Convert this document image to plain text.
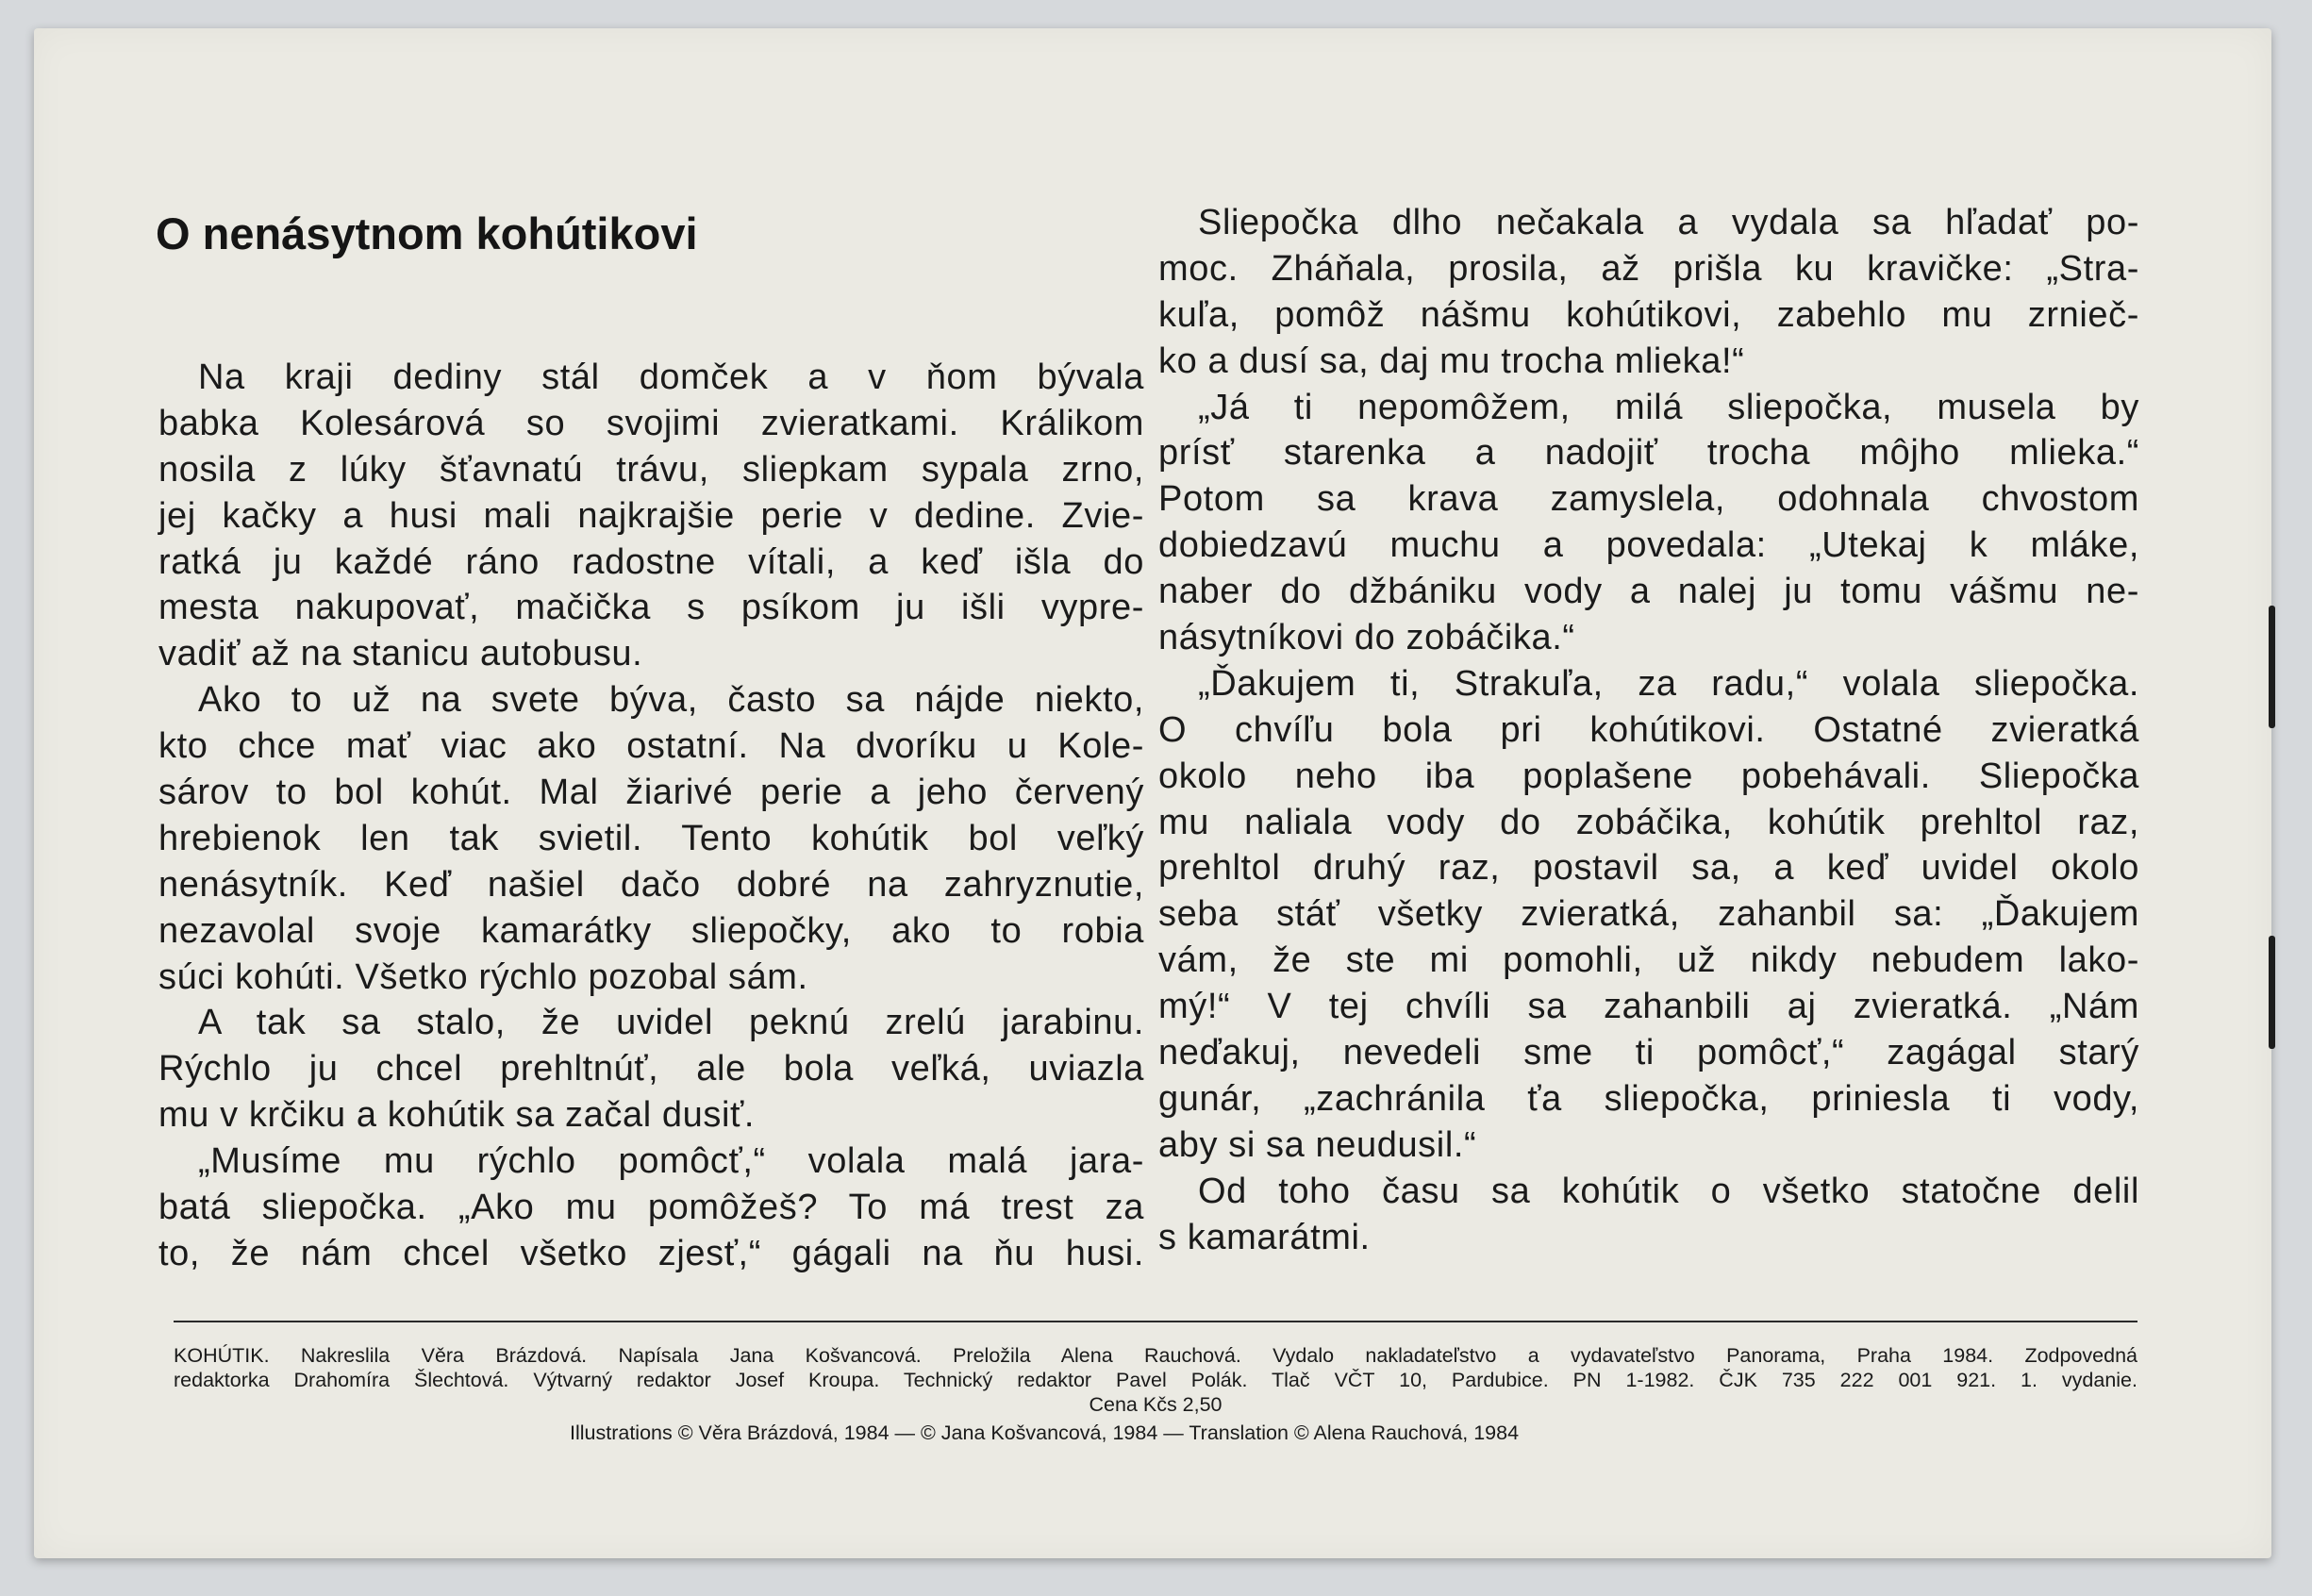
O nenásytnom kohútikovi
Na kraji dediny stál domček a v ňom bývala
babka Kolesárová so svojimi zvieratkami. Králikom
nosila z lúky šťavnatú trávu, sliepkam sypala zrno,
jej kačky a husi mali najkrajšie perie v dedine. Zvie-
ratká ju každé ráno radostne vítali, a keď išla do
mesta nakupovať, mačička s psíkom ju išli vypre-
vadiť až na stanicu autobusu.
Ako to už na svete býva, často sa nájde niekto,
kto chce mať viac ako ostatní. Na dvoríku u Kole-
sárov to bol kohút. Mal žiarivé perie a jeho červený
hrebienok len tak svietil. Tento kohútik bol veľký
nenásytník. Keď našiel dačo dobré na zahryznutie,
nezavolal svoje kamarátky sliepočky, ako to robia
súci kohúti. Všetko rýchlo pozobal sám.
A tak sa stalo, že uvidel peknú zrelú jarabinu.
Rýchlo ju chcel prehltnúť, ale bola veľká, uviazla
mu v krčiku a kohútik sa začal dusiť.
„Musíme mu rýchlo pomôcť,“ volala malá jara-
batá sliepočka. „Ako mu pomôžeš? To má trest za
to, že nám chcel všetko zjesť,“ gágali na ňu husi.
Sliepočka dlho nečakala a vydala sa hľadať po-
moc. Zháňala, prosila, až prišla ku kravičke: „Stra-
kuľa, pomôž nášmu kohútikovi, zabehlo mu zrnieč-
ko a dusí sa, daj mu trocha mlieka!“
„Já ti nepomôžem, milá sliepočka, musela by
prísť starenka a nadojiť trocha môjho mlieka.“
Potom sa krava zamyslela, odohnala chvostom
dobiedzavú muchu a povedala: „Utekaj k mláke,
naber do džbániku vody a nalej ju tomu vášmu ne-
násytníkovi do zobáčika.“
„Ďakujem ti, Strakuľa, za radu,“ volala sliepočka.
O chvíľu bola pri kohútikovi. Ostatné zvieratká
okolo neho iba poplašene pobehávali. Sliepočka
mu naliala vody do zobáčika, kohútik prehltol raz,
prehltol druhý raz, postavil sa, a keď uvidel okolo
seba stáť všetky zvieratká, zahanbil sa: „Ďakujem
vám, že ste mi pomohli, už nikdy nebudem lako-
mý!“ V tej chvíli sa zahanbili aj zvieratká. „Nám
neďakuj, nevedeli sme ti pomôcť,“ zagágal starý
gunár, „zachránila ťa sliepočka, priniesla ti vody,
aby si sa neudusil.“
Od toho času sa kohútik o všetko statočne delil
s kamarátmi.
KOHÚTIK. Nakreslila Věra Brázdová. Napísala Jana Košvancová. Preložila Alena Rauchová. Vydalo nakladateľstvo a vydavateľstvo Panorama, Praha 1984. Zodpovedná
redaktorka Drahomíra Šlechtová. Výtvarný redaktor Josef Kroupa. Technický redaktor Pavel Polák. Tlač VČT 10, Pardubice. PN 1-1982. ČJK 735 222 001 921. 1. vydanie.
Cena Kčs 2,50
Illustrations © Věra Brázdová, 1984 — © Jana Košvancová, 1984 — Translation © Alena Rauchová, 1984
